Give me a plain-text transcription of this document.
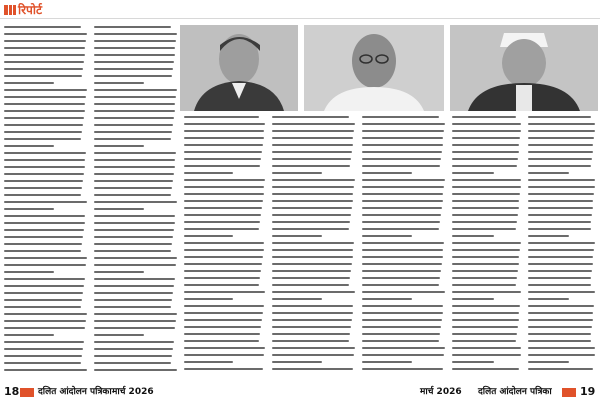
रिपोर्ट
18 दलित आंदोलन पत्रिका मार्च 2026	मार्च 2026 दलित आंदोलन पत्रिका	19
